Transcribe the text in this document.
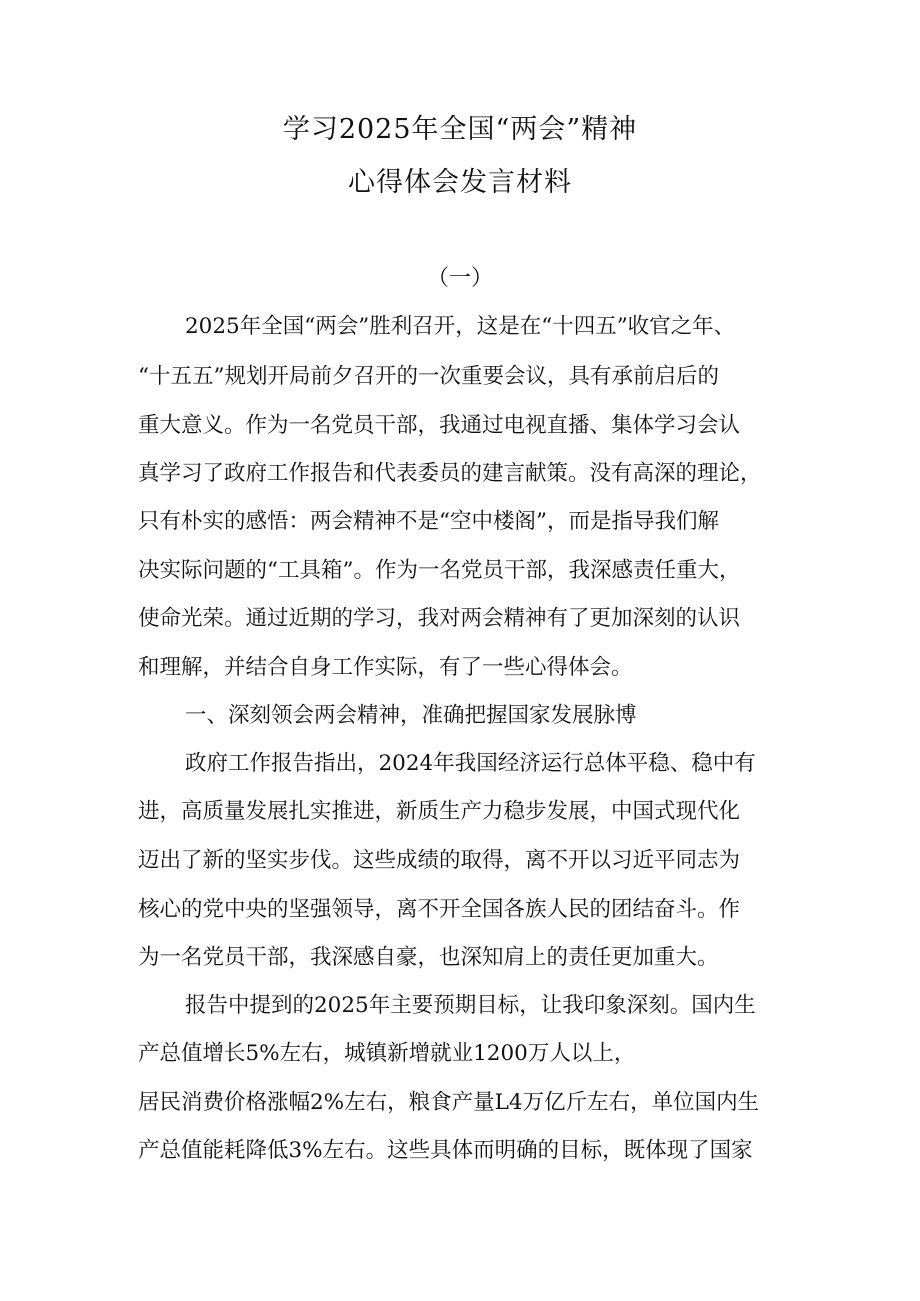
学习2025年全国“两会”精神
心得体会发言材料
（一）
2025年全国“两会”胜利召开，这是在“十四五”收官之年、
“十五五”规划开局前夕召开的一次重要会议，具有承前启后的
重大意义。作为一名党员干部，我通过电视直播、集体学习会认
真学习了政府工作报告和代表委员的建言献策。没有高深的理论，
只有朴实的感悟：两会精神不是“空中楼阁”，而是指导我们解
决实际问题的“工具箱”。作为一名党员干部，我深感责任重大，
使命光荣。通过近期的学习，我对两会精神有了更加深刻的认识
和理解，并结合自身工作实际，有了一些心得体会。
一、深刻领会两会精神，准确把握国家发展脉博
政府工作报告指出，2024年我国经济运行总体平稳、稳中有
进，高质量发展扎实推进，新质生产力稳步发展，中国式现代化
迈出了新的坚实步伐。这些成绩的取得，离不开以习近平同志为
核心的党中央的坚强领导，离不开全国各族人民的团结奋斗。作
为一名党员干部，我深感自豪，也深知肩上的责任更加重大。
报告中提到的2025年主要预期目标，让我印象深刻。国内生
产总值增长5%左右，城镇新增就业1200万人以上，
居民消费价格涨幅2%左右，粮食产量L4万亿斤左右，单位国内生
产总值能耗降低3%左右。这些具体而明确的目标，既体现了国家
